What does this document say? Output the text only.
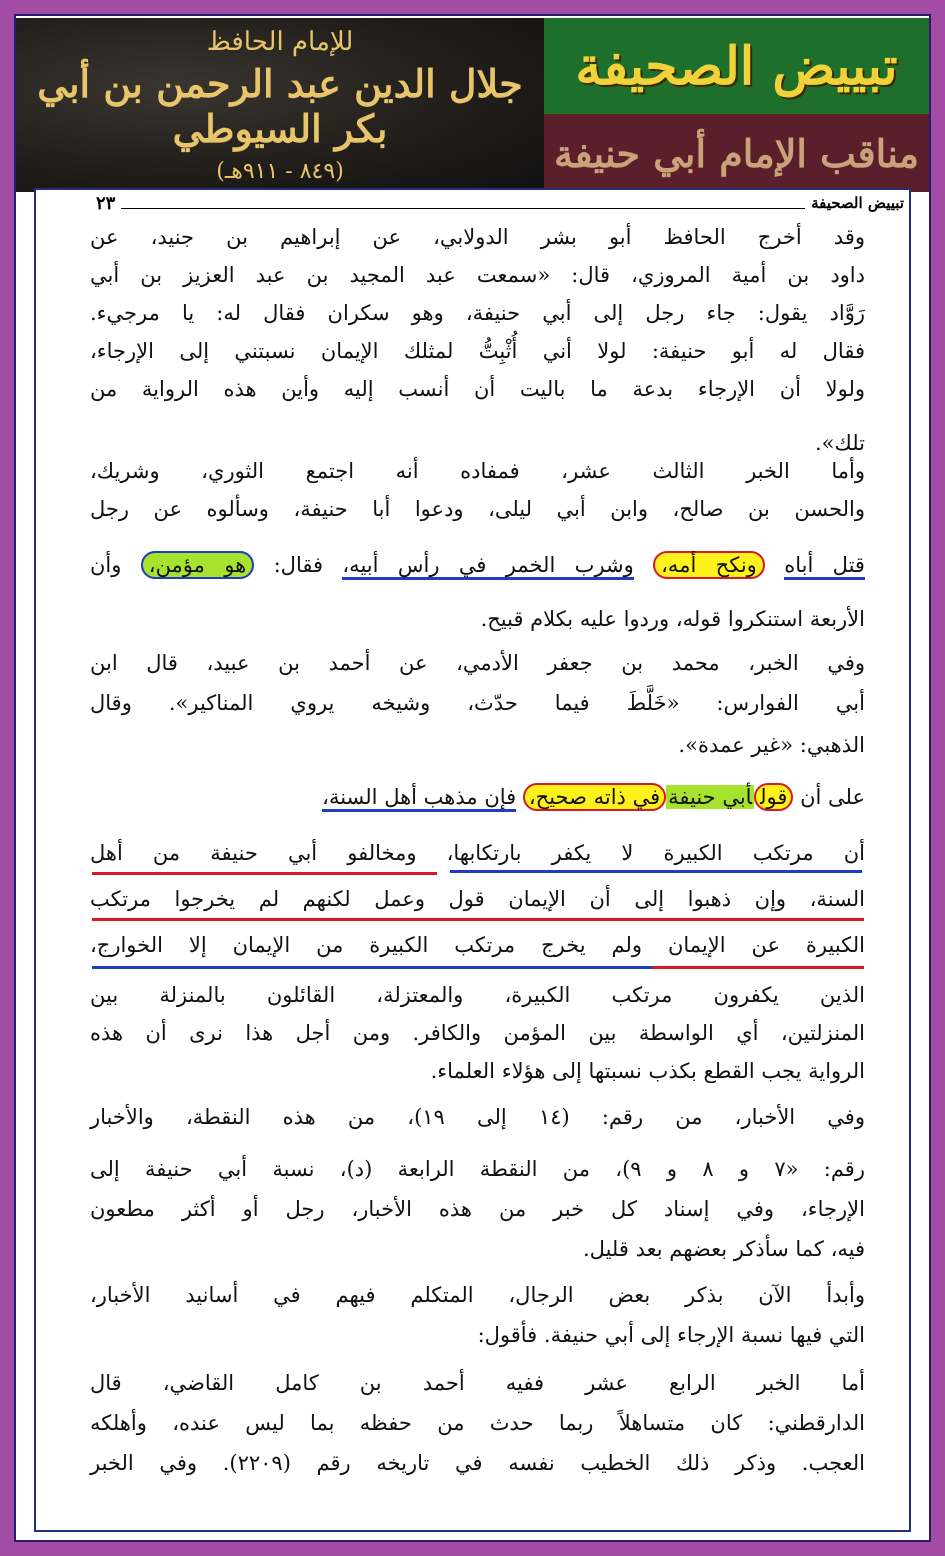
للإمام الحافظ
جلال الدين عبد الرحمن بن أبي بكر السيوطي
(٨٤٩ - ٩١١هـ)
تبييض الصحيفة
مناقب الإمام أبي حنيفة
تبييض الصحيفة
٢٣
وقد أخرج الحافظ أبو بشر الدولابي، عن إبراهيم بن جنيد، عن
داود بن أمية المروزي، قال: «سمعت عبد المجيد بن عبد العزيز بن أبي
رَوَّاد يقول: جاء رجل إلى أبي حنيفة، وهو سكران فقال له: يا مرجيء.
فقال له أبو حنيفة: لولا أني أُثْبِتُّ لمثلك الإيمان نسبتني إلى الإرجاء،
ولولا أن الإرجاء بدعة ما باليت أن أنسب إليه وأين هذه الرواية من
تلك».
وأما الخبر الثالث عشر، فمفاده أنه اجتمع الثوري، وشريك،
والحسن بن صالح، وابن أبي ليلى، ودعوا أبا حنيفة، وسألوه عن رجل
قتل أباه ونكح أمه، وشرب الخمر في رأس أبيه، فقال: هو مؤمن، وأن
الأربعة استنكروا قوله، وردوا عليه بكلام قبيح.
وفي الخبر، محمد بن جعفر الأدمي، عن أحمد بن عبيد، قال ابن
أبي الفوارس: «خَلَّطَ فيما حدّث، وشيخه يروي المناكير». وقال
الذهبي: «غير عمدة».
على أن قولأبي حنيفةفي ذاته صحيح، فإن مذهب أهل السنة،
أن مرتكب الكبيرة لا يكفر بارتكابها، ومخالفو أبي حنيفة من أهل
السنة، وإن ذهبوا إلى أن الإيمان قول وعمل لكنهم لم يخرجوا مرتكب
الكبيرة عن الإيمان ولم يخرج مرتكب الكبيرة من الإيمان إلا الخوارج،
الذين يكفرون مرتكب الكبيرة، والمعتزلة، القائلون بالمنزلة بين
المنزلتين، أي الواسطة بين المؤمن والكافر. ومن أجل هذا نرى أن هذه
الرواية يجب القطع بكذب نسبتها إلى هؤلاء العلماء.
وفي الأخبار، من رقم: (١٤ إلى ١٩)، من هذه النقطة، والأخبار
رقم: «٧ و ٨ و ٩)، من النقطة الرابعة (د)، نسبة أبي حنيفة إلى
الإرجاء، وفي إسناد كل خبر من هذه الأخبار، رجل أو أكثر مطعون
فيه، كما سأذكر بعضهم بعد قليل.
وأبدأ الآن بذكر بعض الرجال، المتكلم فيهم في أسانيد الأخبار،
التي فيها نسبة الإرجاء إلى أبي حنيفة. فأقول:
أما الخبر الرابع عشر ففيه أحمد بن كامل القاضي، قال
الدارقطني: كان متساهلاً ربما حدث من حفظه بما ليس عنده، وأهلكه
العجب. وذكر ذلك الخطيب نفسه في تاريخه رقم (٢٢٠٩). وفي الخبر
